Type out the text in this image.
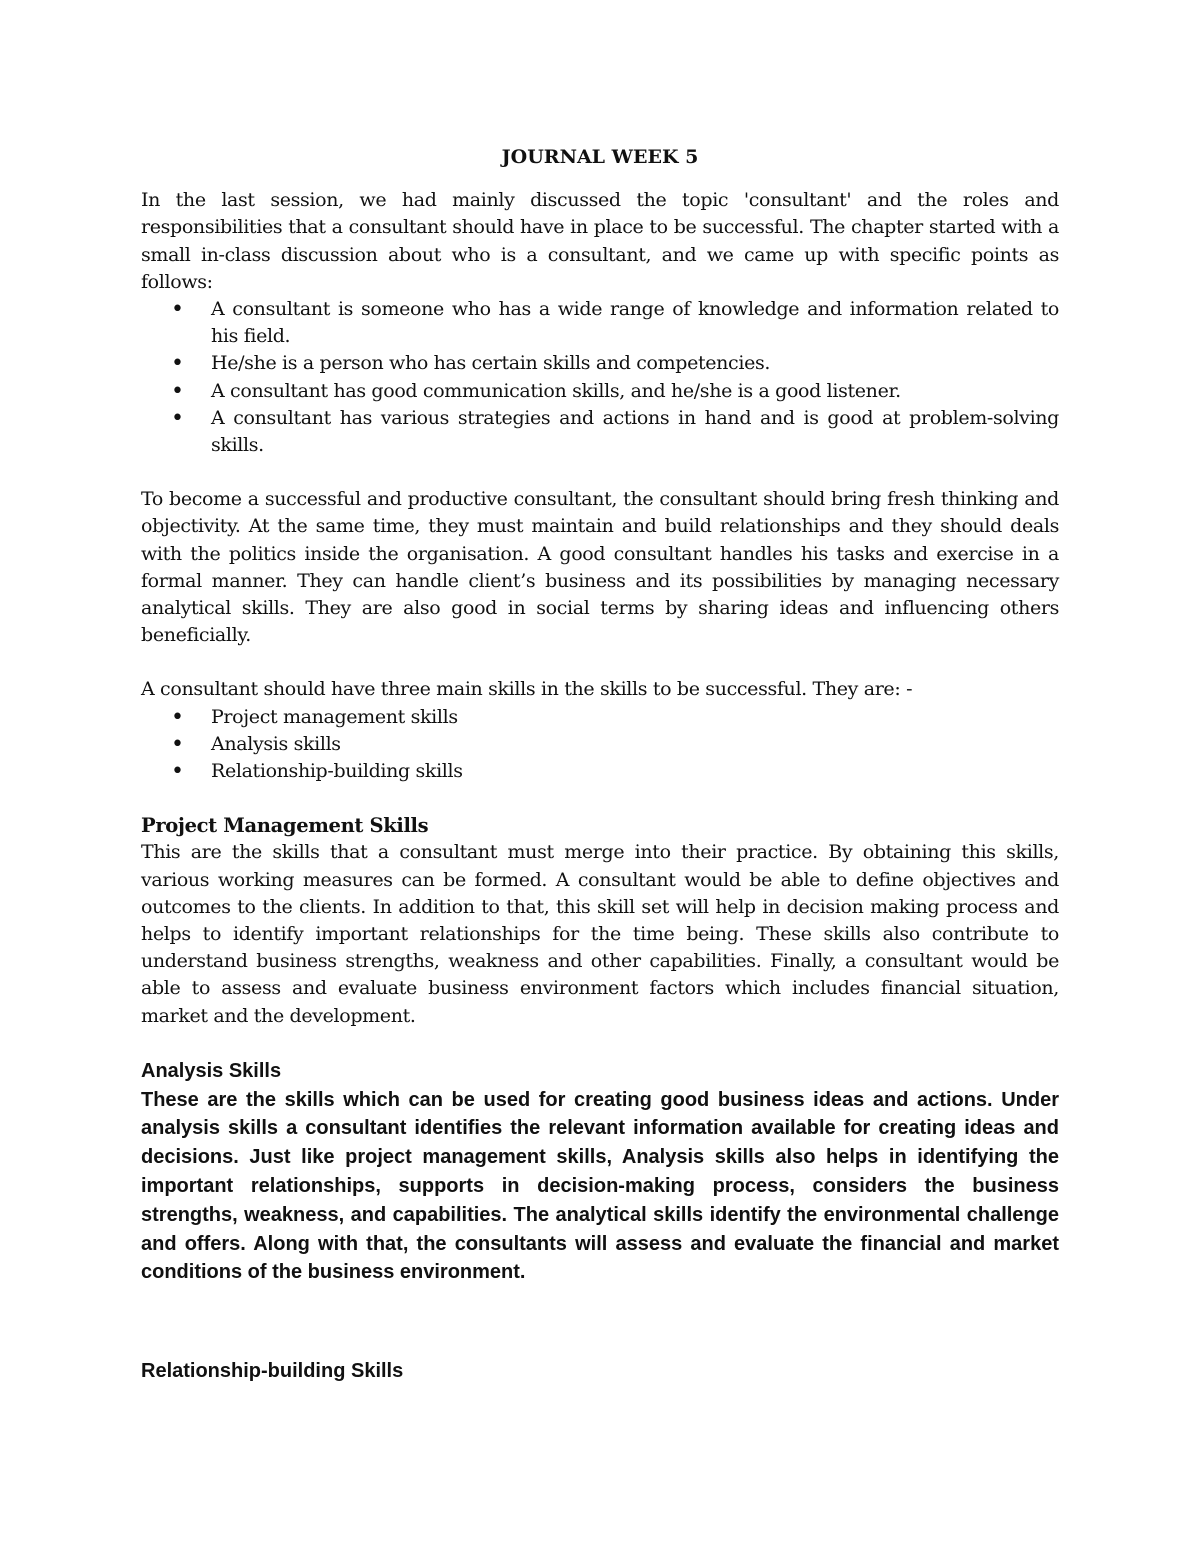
JOURNAL WEEK 5

In the last session, we had mainly discussed the topic 'consultant' and the roles and responsibilities that a consultant should have in place to be successful. The chapter started with a small in-class discussion about who is a consultant, and we came up with specific points as follows:

• A consultant is someone who has a wide range of knowledge and information related to his field.
• He/she is a person who has certain skills and competencies.
• A consultant has good communication skills, and he/she is a good listener.
• A consultant has various strategies and actions in hand and is good at problem-solving skills.

To become a successful and productive consultant, the consultant should bring fresh thinking and objectivity. At the same time, they must maintain and build relationships and they should deals with the politics inside the organisation. A good consultant handles his tasks and exercise in a formal manner. They can handle client’s business and its possibilities by managing necessary analytical skills. They are also good in social terms by sharing ideas and influencing others beneficially.

A consultant should have three main skills in the skills to be successful. They are: -

• Project management skills
• Analysis skills
• Relationship-building skills
Project Management Skills

This are the skills that a consultant must merge into their practice. By obtaining this skills, various working measures can be formed. A consultant would be able to define objectives and outcomes to the clients. In addition to that, this skill set will help in decision making process and helps to identify important relationships for the time being. These skills also contribute to understand business strengths, weakness and other capabilities. Finally, a consultant would be able to assess and evaluate business environment factors which includes financial situation, market and the development.

Analysis Skills

These are the skills which can be used for creating good business ideas and actions. Under analysis skills a consultant identifies the relevant information available for creating ideas and decisions. Just like project management skills, Analysis skills also helps in identifying the important relationships, supports in decision-making process, considers the business strengths, weakness, and capabilities. The analytical skills identify the environmental challenge and offers. Along with that, the consultants will assess and evaluate the financial and market conditions of the business environment.

Relationship-building Skills
